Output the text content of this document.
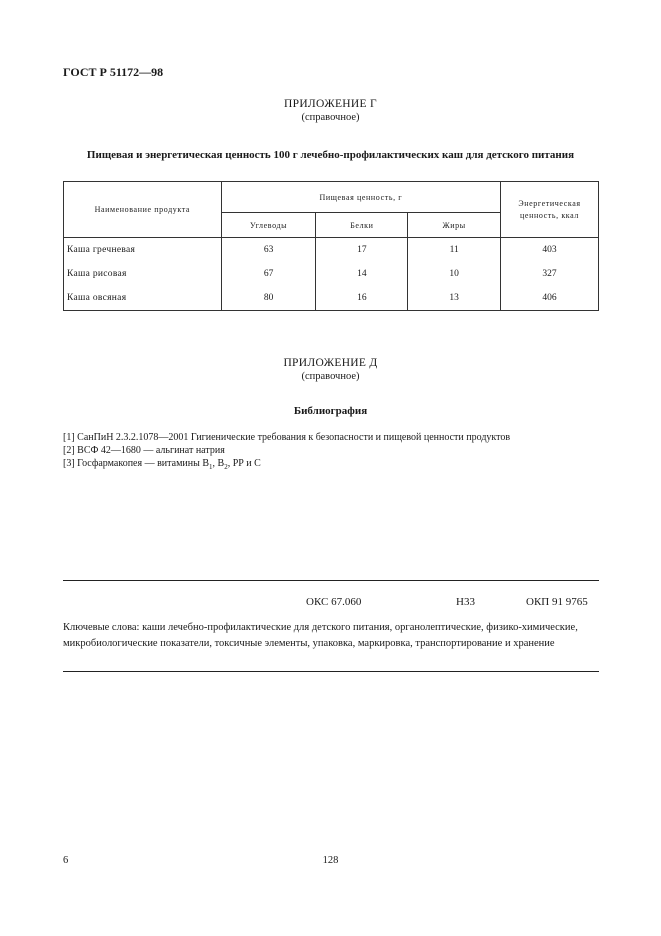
ГОСТ Р 51172—98
ПРИЛОЖЕНИЕ Г
(справочное)
Пищевая и энергетическая ценность 100 г лечебно-профилактических каш для детского питания
Наименование продукта	Пищевая ценность, г			Энергетическая ценность, ккал
	Углеводы	Белки	Жиры	
Каша гречневая	63	17	11	403
Каша рисовая	67	14	10	327
Каша овсяная	80	16	13	406
ПРИЛОЖЕНИЕ Д
(справочное)
Библиография
[1] СанПиН 2.3.2.1078—2001 Гигиенические требования к безопасности и пищевой ценности продуктов
[2] ВСФ 42—1680 — альгинат натрия
[3] Госфармакопея — витамины $В_1$, $В_2$, РР и С
ОКС 67.060	Н33	ОКП 91 9765
Ключевые слова: каши лечебно-профилактические для детского питания, органолептические, физико-химические, микробиологические показатели, токсичные элементы, упаковка, маркировка, транспортирование и хранение
6	128
